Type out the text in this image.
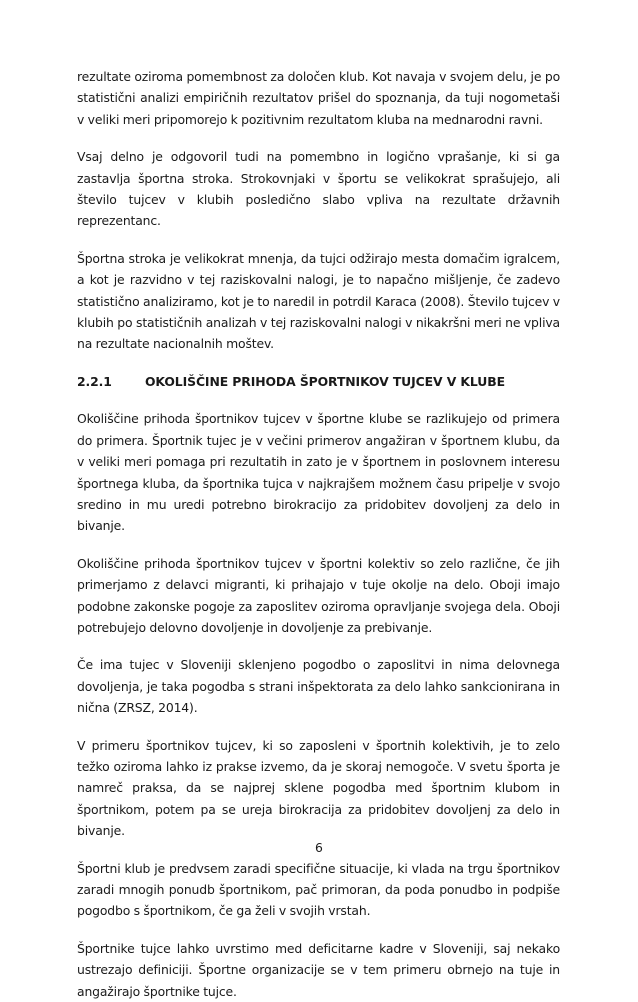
rezultate oziroma pomembnost za določen klub. Kot navaja v svojem delu, je po statistični analizi empiričnih rezultatov prišel do spoznanja, da tuji nogometaši v veliki meri pripomorejo k pozitivnim rezultatom kluba na mednarodni ravni.

Vsaj delno je odgovoril tudi na pomembno in logično vprašanje, ki si ga zastavlja športna stroka. Strokovnjaki v športu se velikokrat sprašujejo, ali število tujcev v klubih posledično slabo vpliva na rezultate državnih reprezentanc.

Športna stroka je velikokrat mnenja, da tujci odžirajo mesta domačim igralcem, a kot je razvidno v tej raziskovalni nalogi, je to napačno mišljenje, če zadevo statistično analiziramo, kot je to naredil in potrdil Karaca (2008). Število tujcev v klubih po statističnih analizah v tej raziskovalni nalogi v nikakršni meri ne vpliva na rezultate nacionalnih moštev.

2.2.1	OKOLIŠČINE PRIHODA ŠPORTNIKOV TUJCEV V KLUBE

Okoliščine prihoda športnikov tujcev v športne klube se razlikujejo od primera do primera. Športnik tujec je v večini primerov angažiran v športnem klubu, da v veliki meri pomaga pri rezultatih in zato je v športnem in poslovnem interesu športnega kluba, da športnika tujca v najkrajšem možnem času pripelje v svojo sredino in mu uredi potrebno birokracijo za pridobitev dovoljenj za delo in bivanje.

Okoliščine prihoda športnikov tujcev v športni kolektiv so zelo različne, če jih primerjamo z delavci migranti, ki prihajajo v tuje okolje na delo. Oboji imajo podobne zakonske pogoje za zaposlitev oziroma opravljanje svojega dela. Oboji potrebujejo delovno dovoljenje in dovoljenje za prebivanje.

Če ima tujec v Sloveniji sklenjeno pogodbo o zaposlitvi in nima delovnega dovoljenja, je taka pogodba s strani inšpektorata za delo lahko sankcionirana in nična (ZRSZ, 2014).

V primeru športnikov tujcev, ki so zaposleni v športnih kolektivih, je to zelo težko oziroma lahko iz prakse izvemo, da je skoraj nemogoče. V svetu športa je namreč praksa, da se najprej sklene pogodba med športnim klubom in športnikom, potem pa se ureja birokracija za pridobitev dovoljenj za delo in bivanje.

Športni klub je predvsem zaradi specifične situacije, ki vlada na trgu športnikov zaradi mnogih ponudb športnikom, pač primoran, da poda ponudbo in podpiše pogodbo s športnikom, če ga želi v svojih vrstah.

Športnike tujce lahko uvrstimo med deficitarne kadre v Sloveniji, saj nekako ustrezajo definiciji. Športne organizacije se v tem primeru obrnejo na tuje in angažirajo športnike tujce.

6
